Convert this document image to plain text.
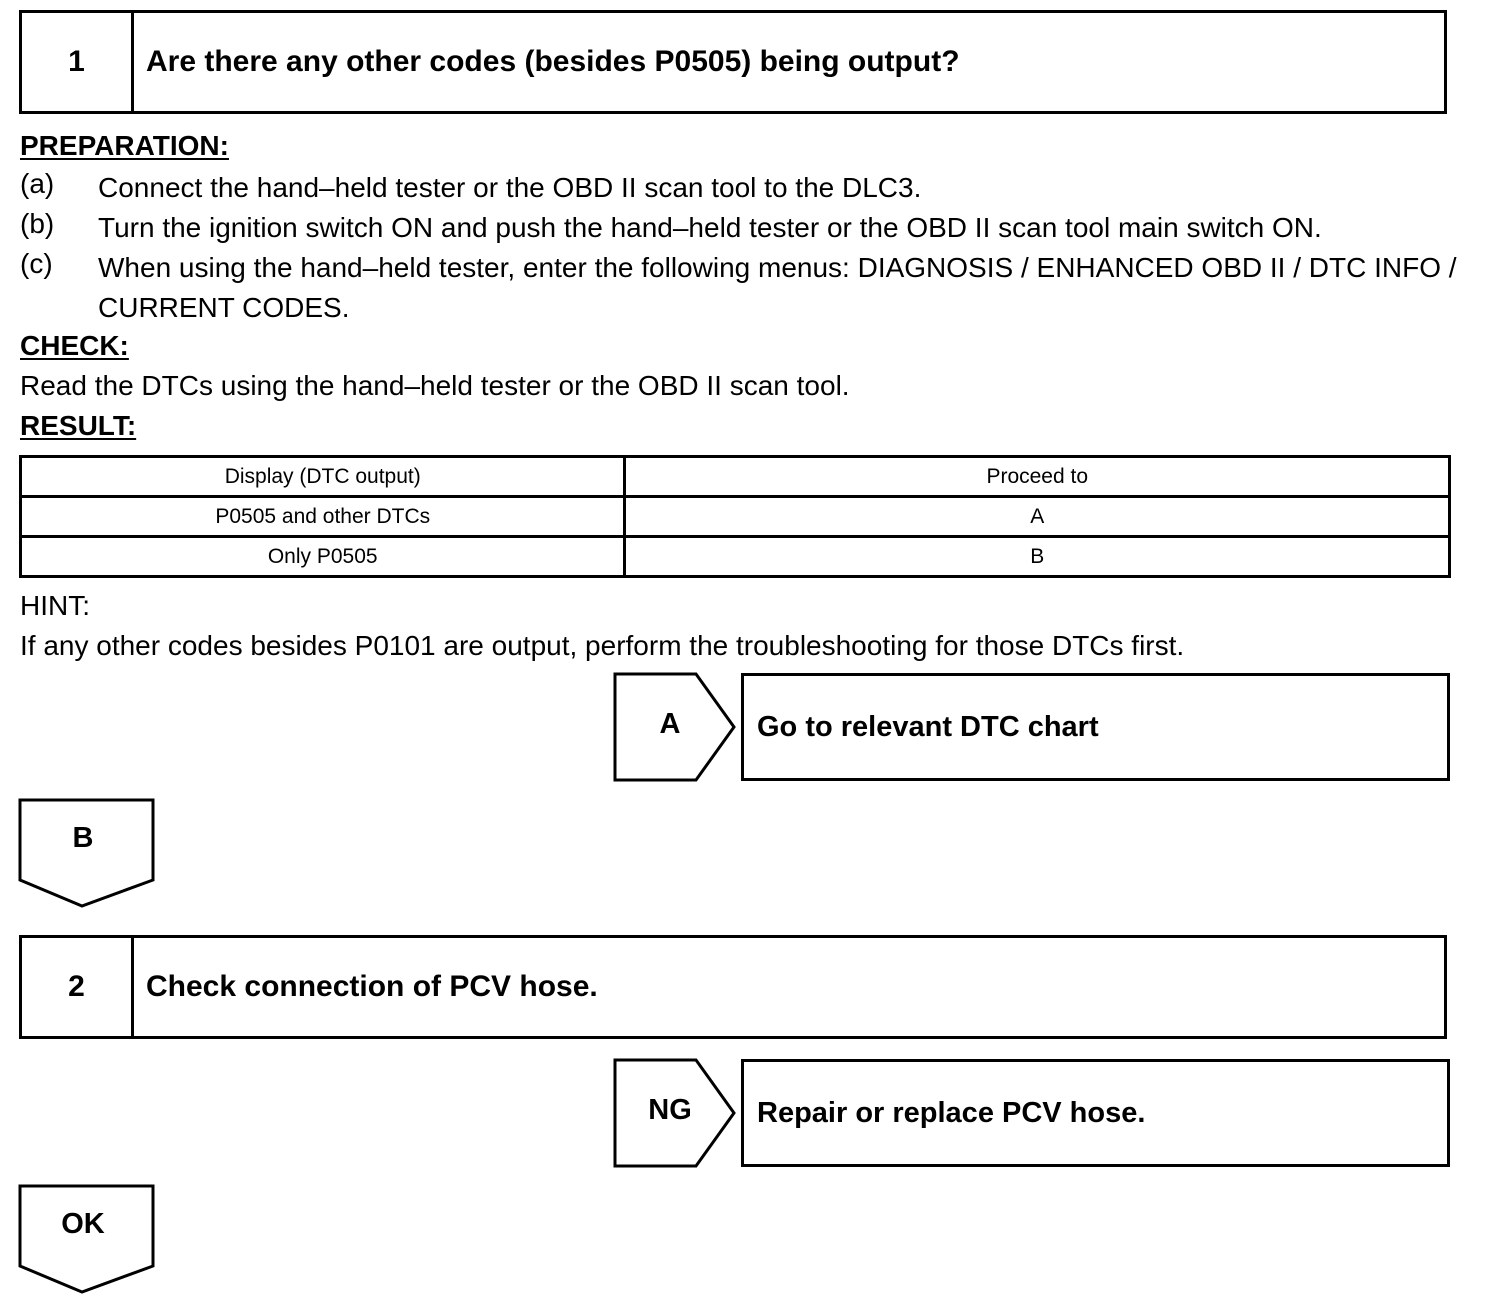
1	Are there any other codes (besides P0505) being output?
PREPARATION:
(a)	Connect the hand–held tester or the OBD II scan tool to the DLC3.
(b)	Turn the ignition switch ON and push the hand–held tester or the OBD II scan tool main switch ON.
(c)	When using the hand–held tester, enter the following menus: DIAGNOSIS / ENHANCED OBD II / DTC INFO / CURRENT CODES.
CHECK:
Read the DTCs using the hand–held tester or the OBD II scan tool.
RESULT:
Display (DTC output)	Proceed to
P0505 and other DTCs	A
Only P0505	B
HINT:
If any other codes besides P0101 are output, perform the troubleshooting for those DTCs first.
A	Go to relevant DTC chart
B
2	Check connection of PCV hose.
NG	Repair or replace PCV hose.
OK
